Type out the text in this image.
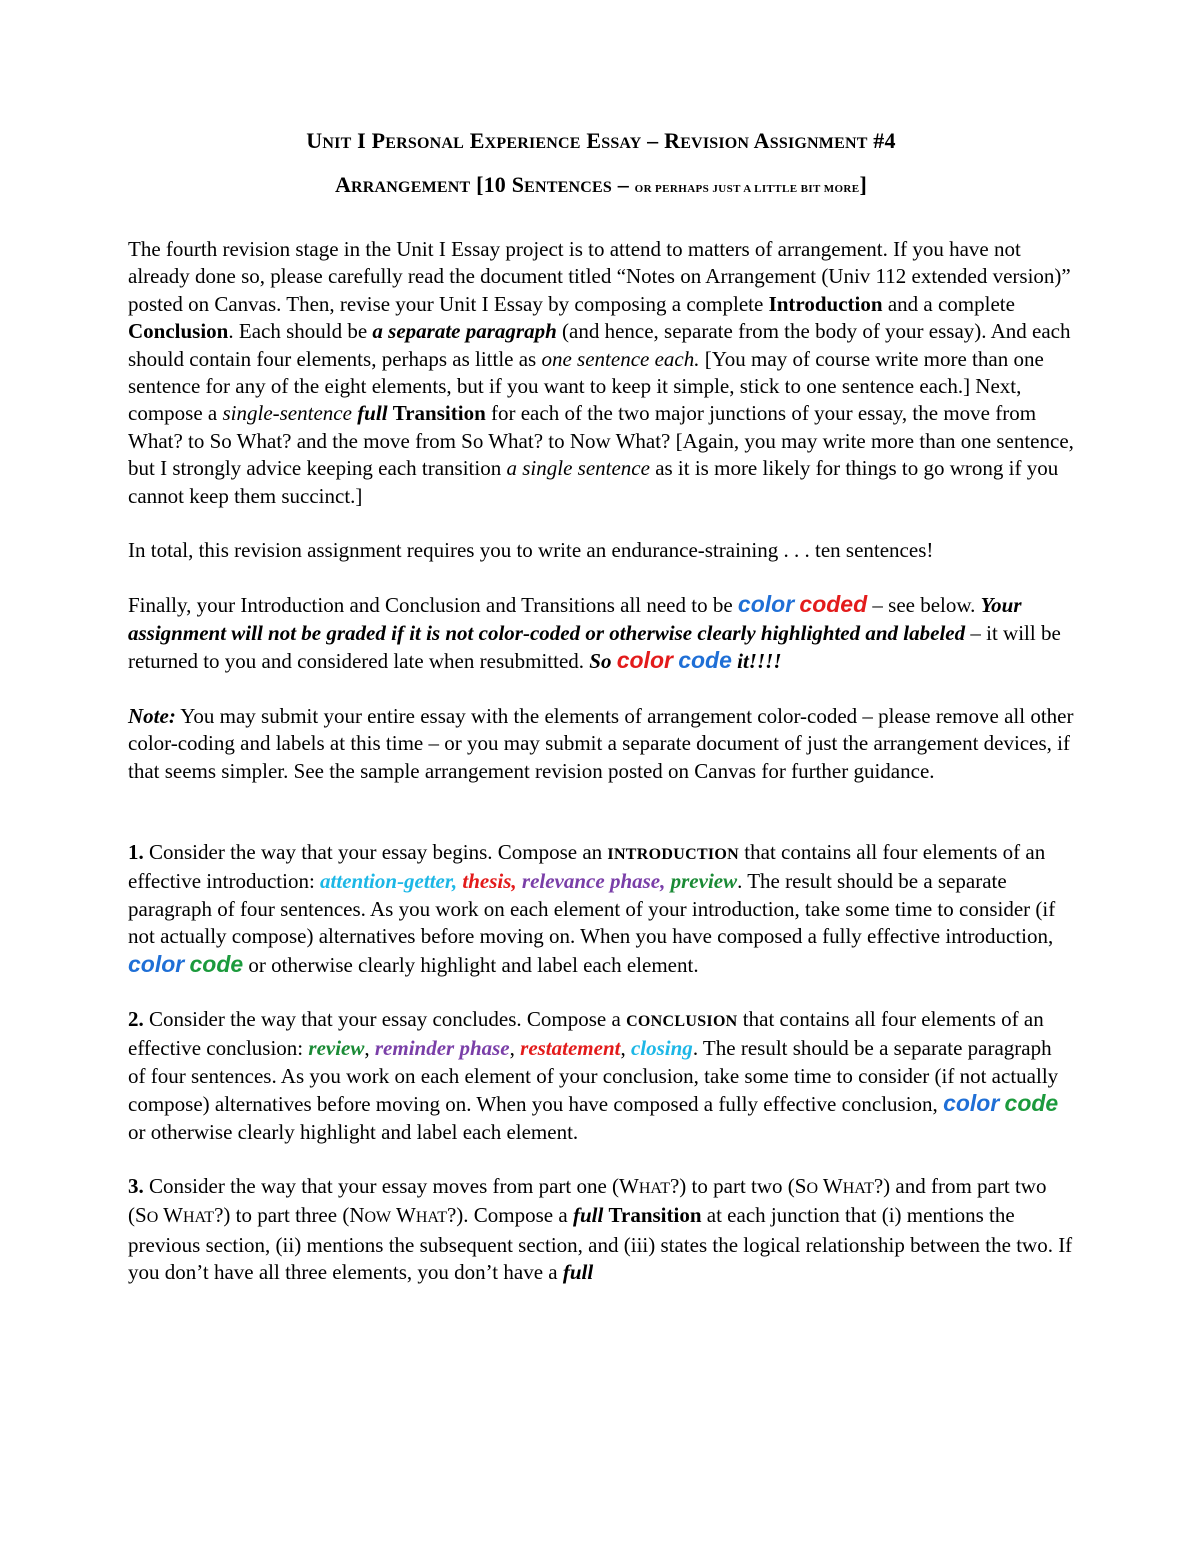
UNIT I PERSONAL EXPERIENCE ESSAY – REVISION ASSIGNMENT #4
ARRANGEMENT [10 SENTENCES – OR PERHAPS JUST A LITTLE BIT MORE]

The fourth revision stage in the Unit I Essay project is to attend to matters of arrangement. If you have not already done so, please carefully read the document titled “Notes on Arrangement (Univ 112 extended version)” posted on Canvas. Then, revise your Unit I Essay by composing a complete Introduction and a complete Conclusion. Each should be a separate paragraph (and hence, separate from the body of your essay). And each should contain four elements, perhaps as little as one sentence each. [You may of course write more than one sentence for any of the eight elements, but if you want to keep it simple, stick to one sentence each.] Next, compose a single-sentence full Transition for each of the two major junctions of your essay, the move from What? to So What? and the move from So What? to Now What? [Again, you may write more than one sentence, but I strongly advice keeping each transition a single sentence as it is more likely for things to go wrong if you cannot keep them succinct.]

In total, this revision assignment requires you to write an endurance-straining . . . ten sentences!

Finally, your Introduction and Conclusion and Transitions all need to be color coded – see below. Your assignment will not be graded if it is not color-coded or otherwise clearly highlighted and labeled – it will be returned to you and considered late when resubmitted. So color code it!!!!

Note: You may submit your entire essay with the elements of arrangement color-coded – please remove all other color-coding and labels at this time – or you may submit a separate document of just the arrangement devices, if that seems simpler. See the sample arrangement revision posted on Canvas for further guidance.

1. Consider the way that your essay begins. Compose an INTRODUCTION that contains all four elements of an effective introduction: attention-getter, thesis, relevance phase, preview. The result should be a separate paragraph of four sentences. As you work on each element of your introduction, take some time to consider (if not actually compose) alternatives before moving on. When you have composed a fully effective introduction, color code or otherwise clearly highlight and label each element.

2. Consider the way that your essay concludes. Compose a CONCLUSION that contains all four elements of an effective conclusion: review, reminder phase, restatement, closing. The result should be a separate paragraph of four sentences. As you work on each element of your conclusion, take some time to consider (if not actually compose) alternatives before moving on. When you have composed a fully effective conclusion, color code or otherwise clearly highlight and label each element.

3. Consider the way that your essay moves from part one (WHAT?) to part two (SO WHAT?) and from part two (SO WHAT?) to part three (NOW WHAT?). Compose a full Transition at each junction that (i) mentions the previous section, (ii) mentions the subsequent section, and (iii) states the logical relationship between the two. If you don’t have all three elements, you don’t have a full
